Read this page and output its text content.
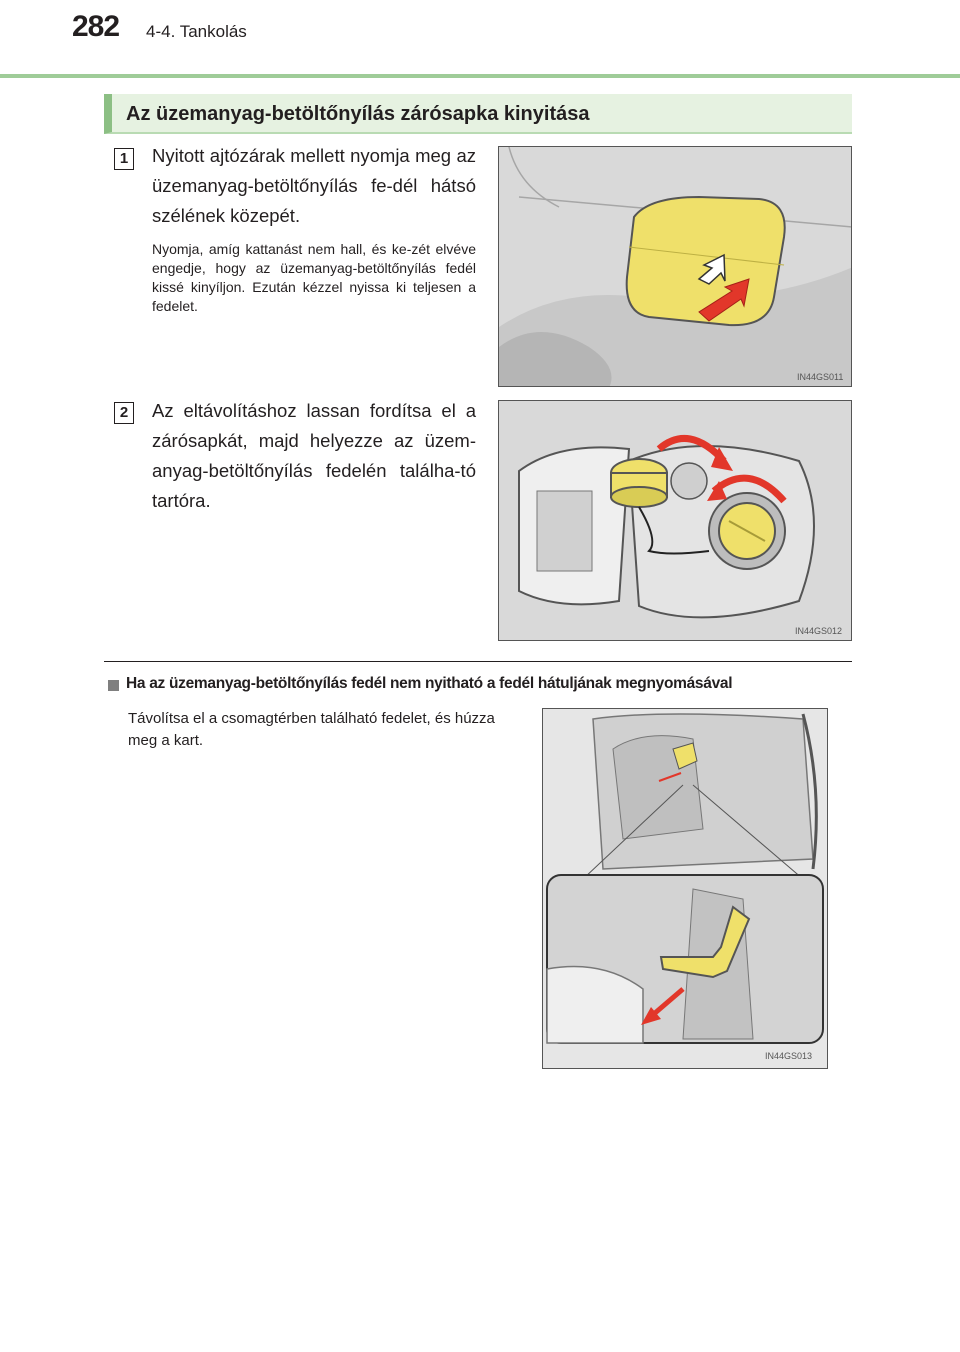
282 4-4. Tankolás
Az üzemanyag-betöltőnyílás zárósapka kinyitása
1	Nyitott ajtózárak mellett nyomja meg az üzemanyag-betöltőnyílás fe-dél hátsó szélének közepét.
Nyomja, amíg kattanást nem hall, és ke-zét elvéve engedje, hogy az üzemanyag-betöltőnyílás fedél kissé kinyíljon. Ezután kézzel nyissa ki teljesen a fedelet.
IN44GS011
2	Az eltávolításhoz lassan fordítsa el a zárósapkát, majd helyezze az üzem-anyag-betöltőnyílás fedelén találha-tó tartóra.
IN44GS012
Ha az üzemanyag-betöltőnyílás fedél nem nyitható a fedél hátuljának megnyomásával
Távolítsa el a csomagtérben található fedelet, és húzza meg a kart.
IN44GS013
